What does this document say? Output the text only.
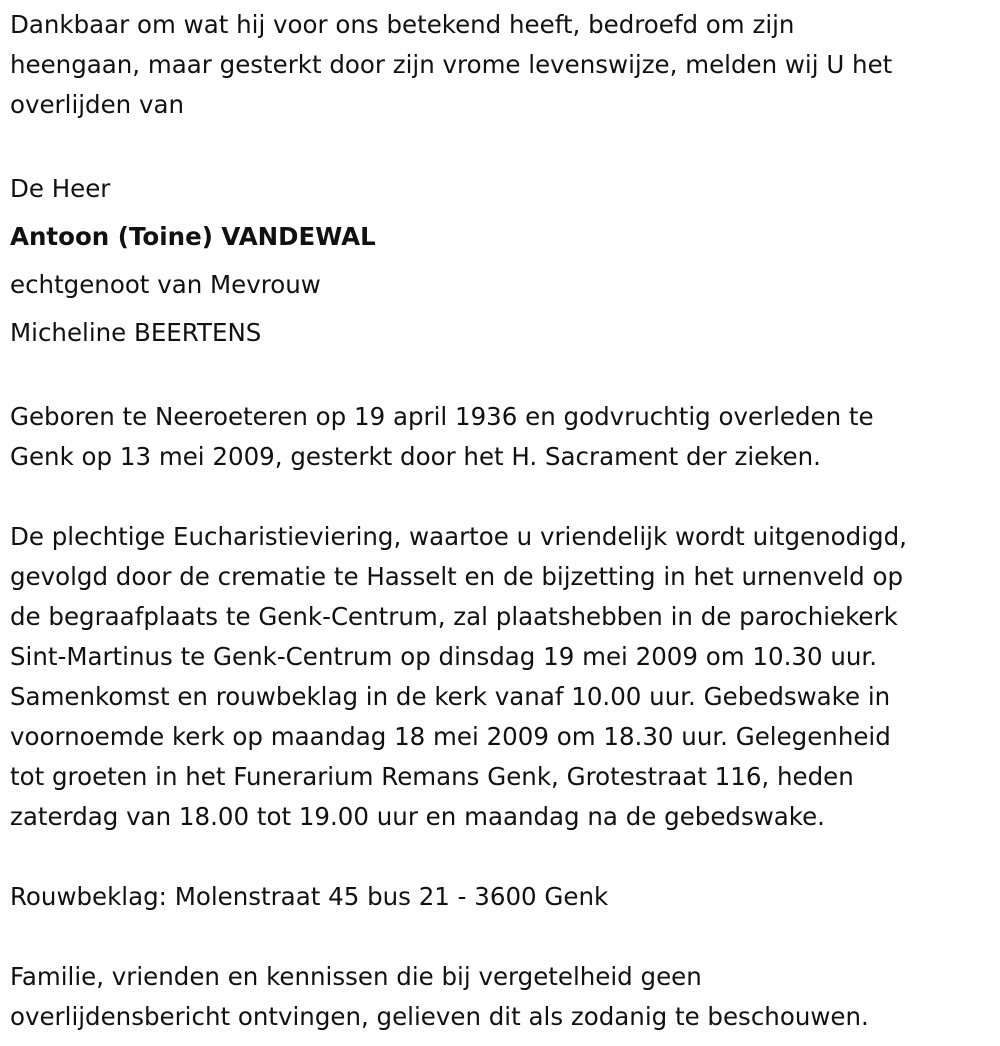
Dankbaar om wat hij voor ons betekend heeft, bedroefd om zijn
heengaan, maar gesterkt door zijn vrome levenswijze, melden wij U het
overlijden van
De Heer
Antoon (Toine) VANDEWAL
echtgenoot van Mevrouw
Micheline BEERTENS
Geboren te Neeroeteren op 19 april 1936 en godvruchtig overleden te
Genk op 13 mei 2009, gesterkt door het H. Sacrament der zieken.
De plechtige Eucharistieviering, waartoe u vriendelijk wordt uitgenodigd,
gevolgd door de crematie te Hasselt en de bijzetting in het urnenveld op
de begraafplaats te Genk-Centrum, zal plaatshebben in de parochiekerk
Sint-Martinus te Genk-Centrum op dinsdag 19 mei 2009 om 10.30 uur.
Samenkomst en rouwbeklag in de kerk vanaf 10.00 uur. Gebedswake in
voornoemde kerk op maandag 18 mei 2009 om 18.30 uur. Gelegenheid
tot groeten in het Funerarium Remans Genk, Grotestraat 116, heden
zaterdag van 18.00 tot 19.00 uur en maandag na de gebedswake.
Rouwbeklag: Molenstraat 45 bus 21 - 3600 Genk
Familie, vrienden en kennissen die bij vergetelheid geen
overlijdensbericht ontvingen, gelieven dit als zodanig te beschouwen.
